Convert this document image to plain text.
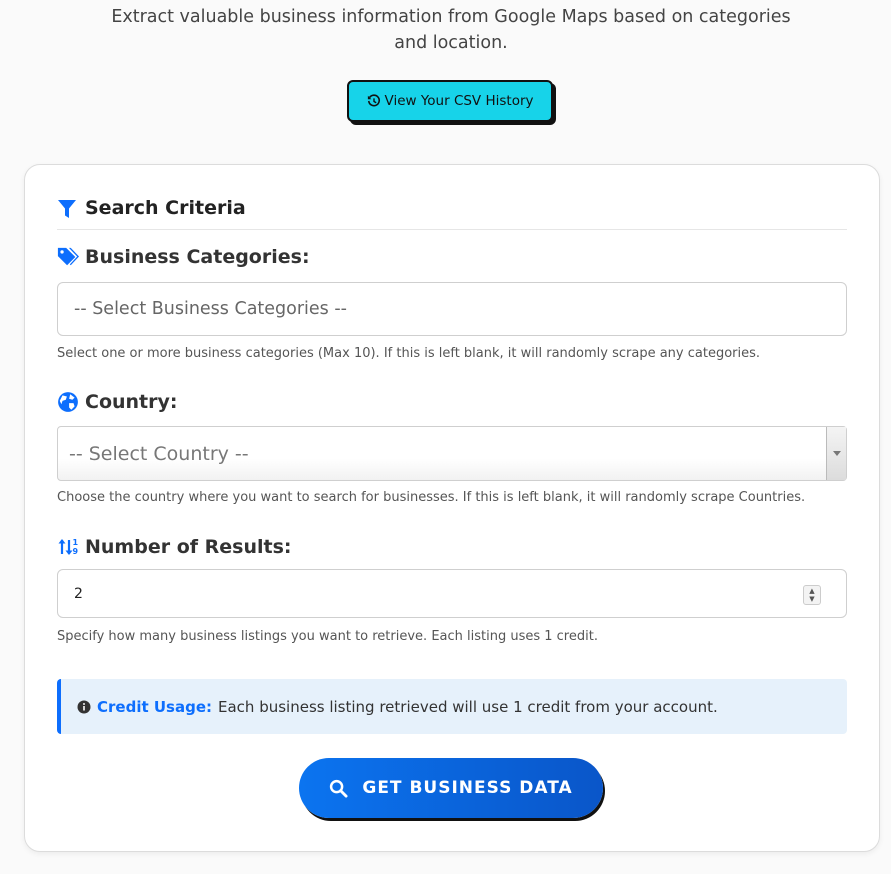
Extract valuable business information from Google Maps based on categories
and location.
View Your CSV History
Search Criteria
Business Categories:
-- Select Business Categories --
Select one or more business categories (Max 10). If this is left blank, it will randomly scrape any categories.
Country:
-- Select Country --
Choose the country where you want to search for businesses. If this is left blank, it will randomly scrape Countries.
1
9 Number of Results:
2	▲
▼
Specify how many business listings you want to retrieve. Each listing uses 1 credit.
Credit Usage: Each business listing retrieved will use 1 credit from your account.
GET BUSINESS DATA
